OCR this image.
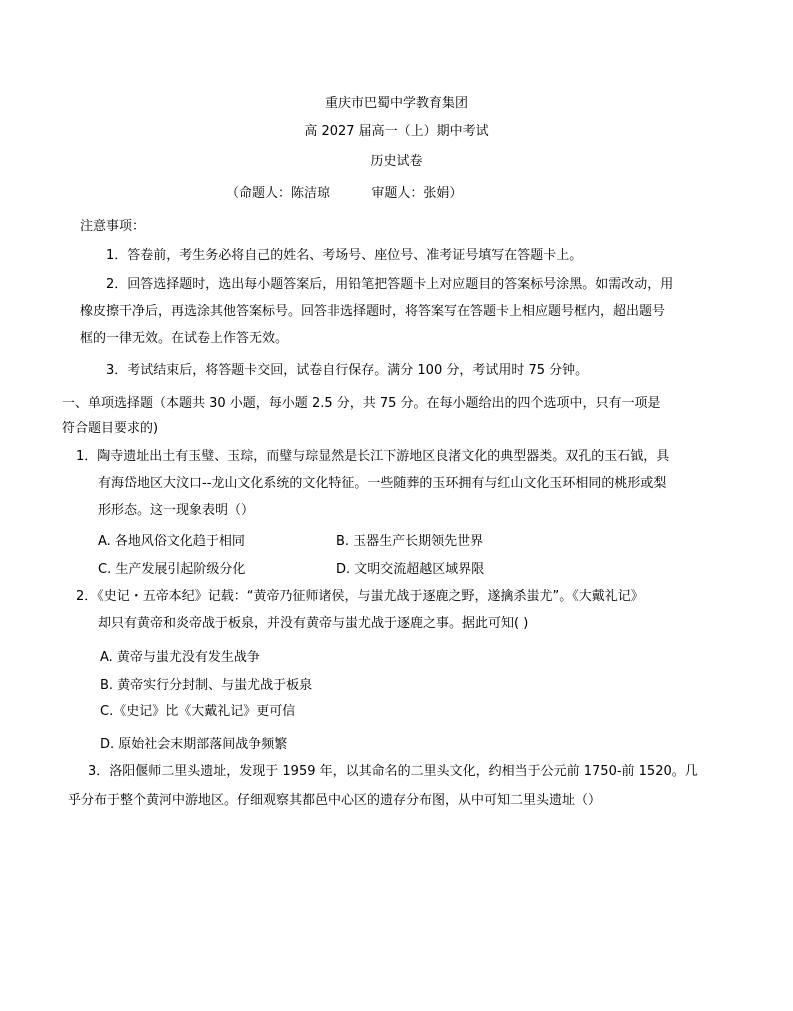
重庆市巴蜀中学教育集团
高 2027 届高一（上）期中考试
历史试卷
（命题人：陈洁琼          审题人：张娟）
注意事项：
1．答卷前，考生务必将自己的姓名、考场号、座位号、准考证号填写在答题卡上。
2．回答选择题时，选出每小题答案后，用铅笔把答题卡上对应题目的答案标号涂黑。如需改动，用
橡皮擦干净后，再选涂其他答案标号。回答非选择题时，将答案写在答题卡上相应题号框内，超出题号
框的一律无效。在试卷上作答无效。
3．考试结束后，将答题卡交回，试卷自行保存。满分 100 分，考试用时 75 分钟。
一、单项选择题（本题共 30 小题，每小题 2.5 分，共 75 分。在每小题给出的四个选项中，只有一项是
符合题目要求的)
1．陶寺遗址出土有玉璧、玉琮，而璧与琮显然是长江下游地区良渚文化的典型器类。双孔的玉石钺，具
有海岱地区大汶口--龙山文化系统的文化特征。一些随葬的玉环拥有与红山文化玉环相同的桃形或梨
形形态。这一现象表明（）
A. 各地风俗文化趋于相同	B. 玉器生产长期领先世界
C. 生产发展引起阶级分化	D. 文明交流超越区域界限
2．《史记・五帝本纪》记载：“黄帝乃征师诸侯，与蚩尤战于逐鹿之野，遂擒杀蚩尤”。《大戴礼记》
却只有黄帝和炎帝战于板泉，并没有黄帝与蚩尤战于逐鹿之事。据此可知( )
A. 黄帝与蚩尤没有发生战争
B. 黄帝实行分封制、与蚩尤战于板泉
C.《史记》比《大戴礼记》更可信
D. 原始社会末期部落间战争频繁
3．洛阳偃师二里头遗址，发现于 1959 年，以其命名的二里头文化，约相当于公元前 1750-前 1520。几
乎分布于整个黄河中游地区。仔细观察其都邑中心区的遗存分布图，从中可知二里头遗址（）
